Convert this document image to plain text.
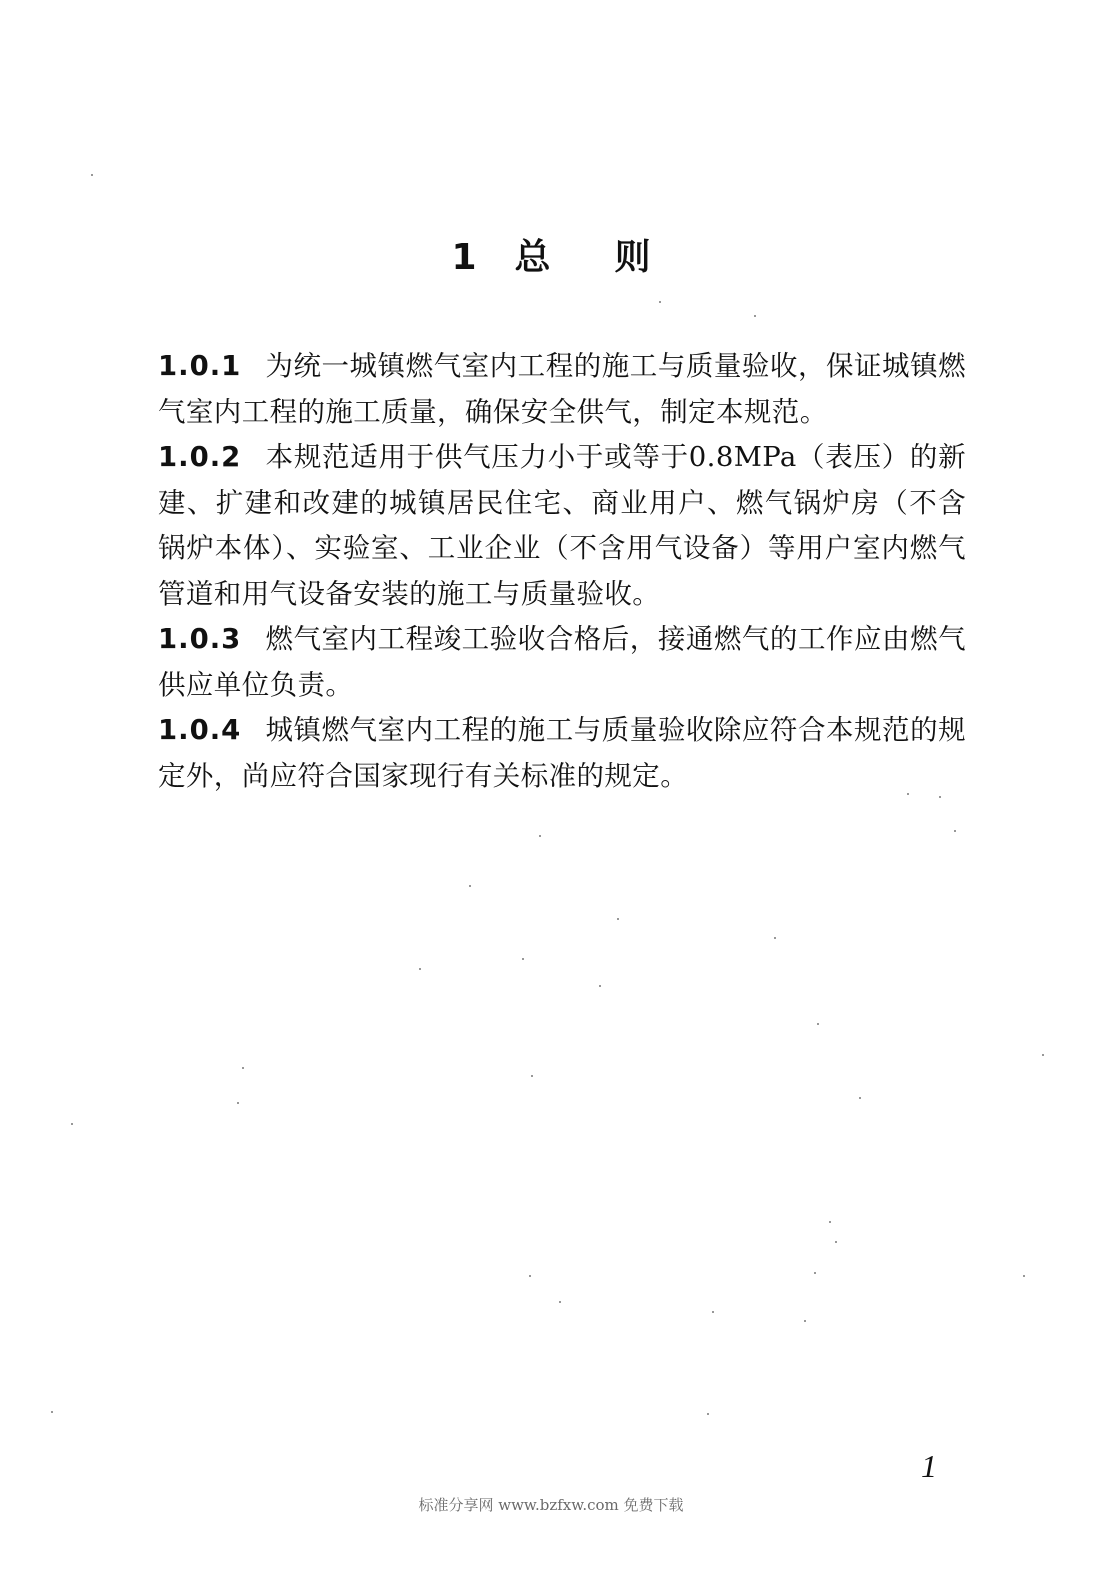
1 总 则

1.0.1 为统一城镇燃气室内工程的施工与质量验收，保证城镇燃气室内工程的施工质量，确保安全供气，制定本规范。

1.0.2 本规范适用于供气压力小于或等于0.8MPa（表压）的新建、扩建和改建的城镇居民住宅、商业用户、燃气锅炉房（不含锅炉本体）、实验室、工业企业（不含用气设备）等用户室内燃气管道和用气设备安装的施工与质量验收。

1.0.3 燃气室内工程竣工验收合格后，接通燃气的工作应由燃气供应单位负责。

1.0.4 城镇燃气室内工程的施工与质量验收除应符合本规范的规定外，尚应符合国家现行有关标准的规定。

1
标准分享网 www.bzfxw.com 免费下载
